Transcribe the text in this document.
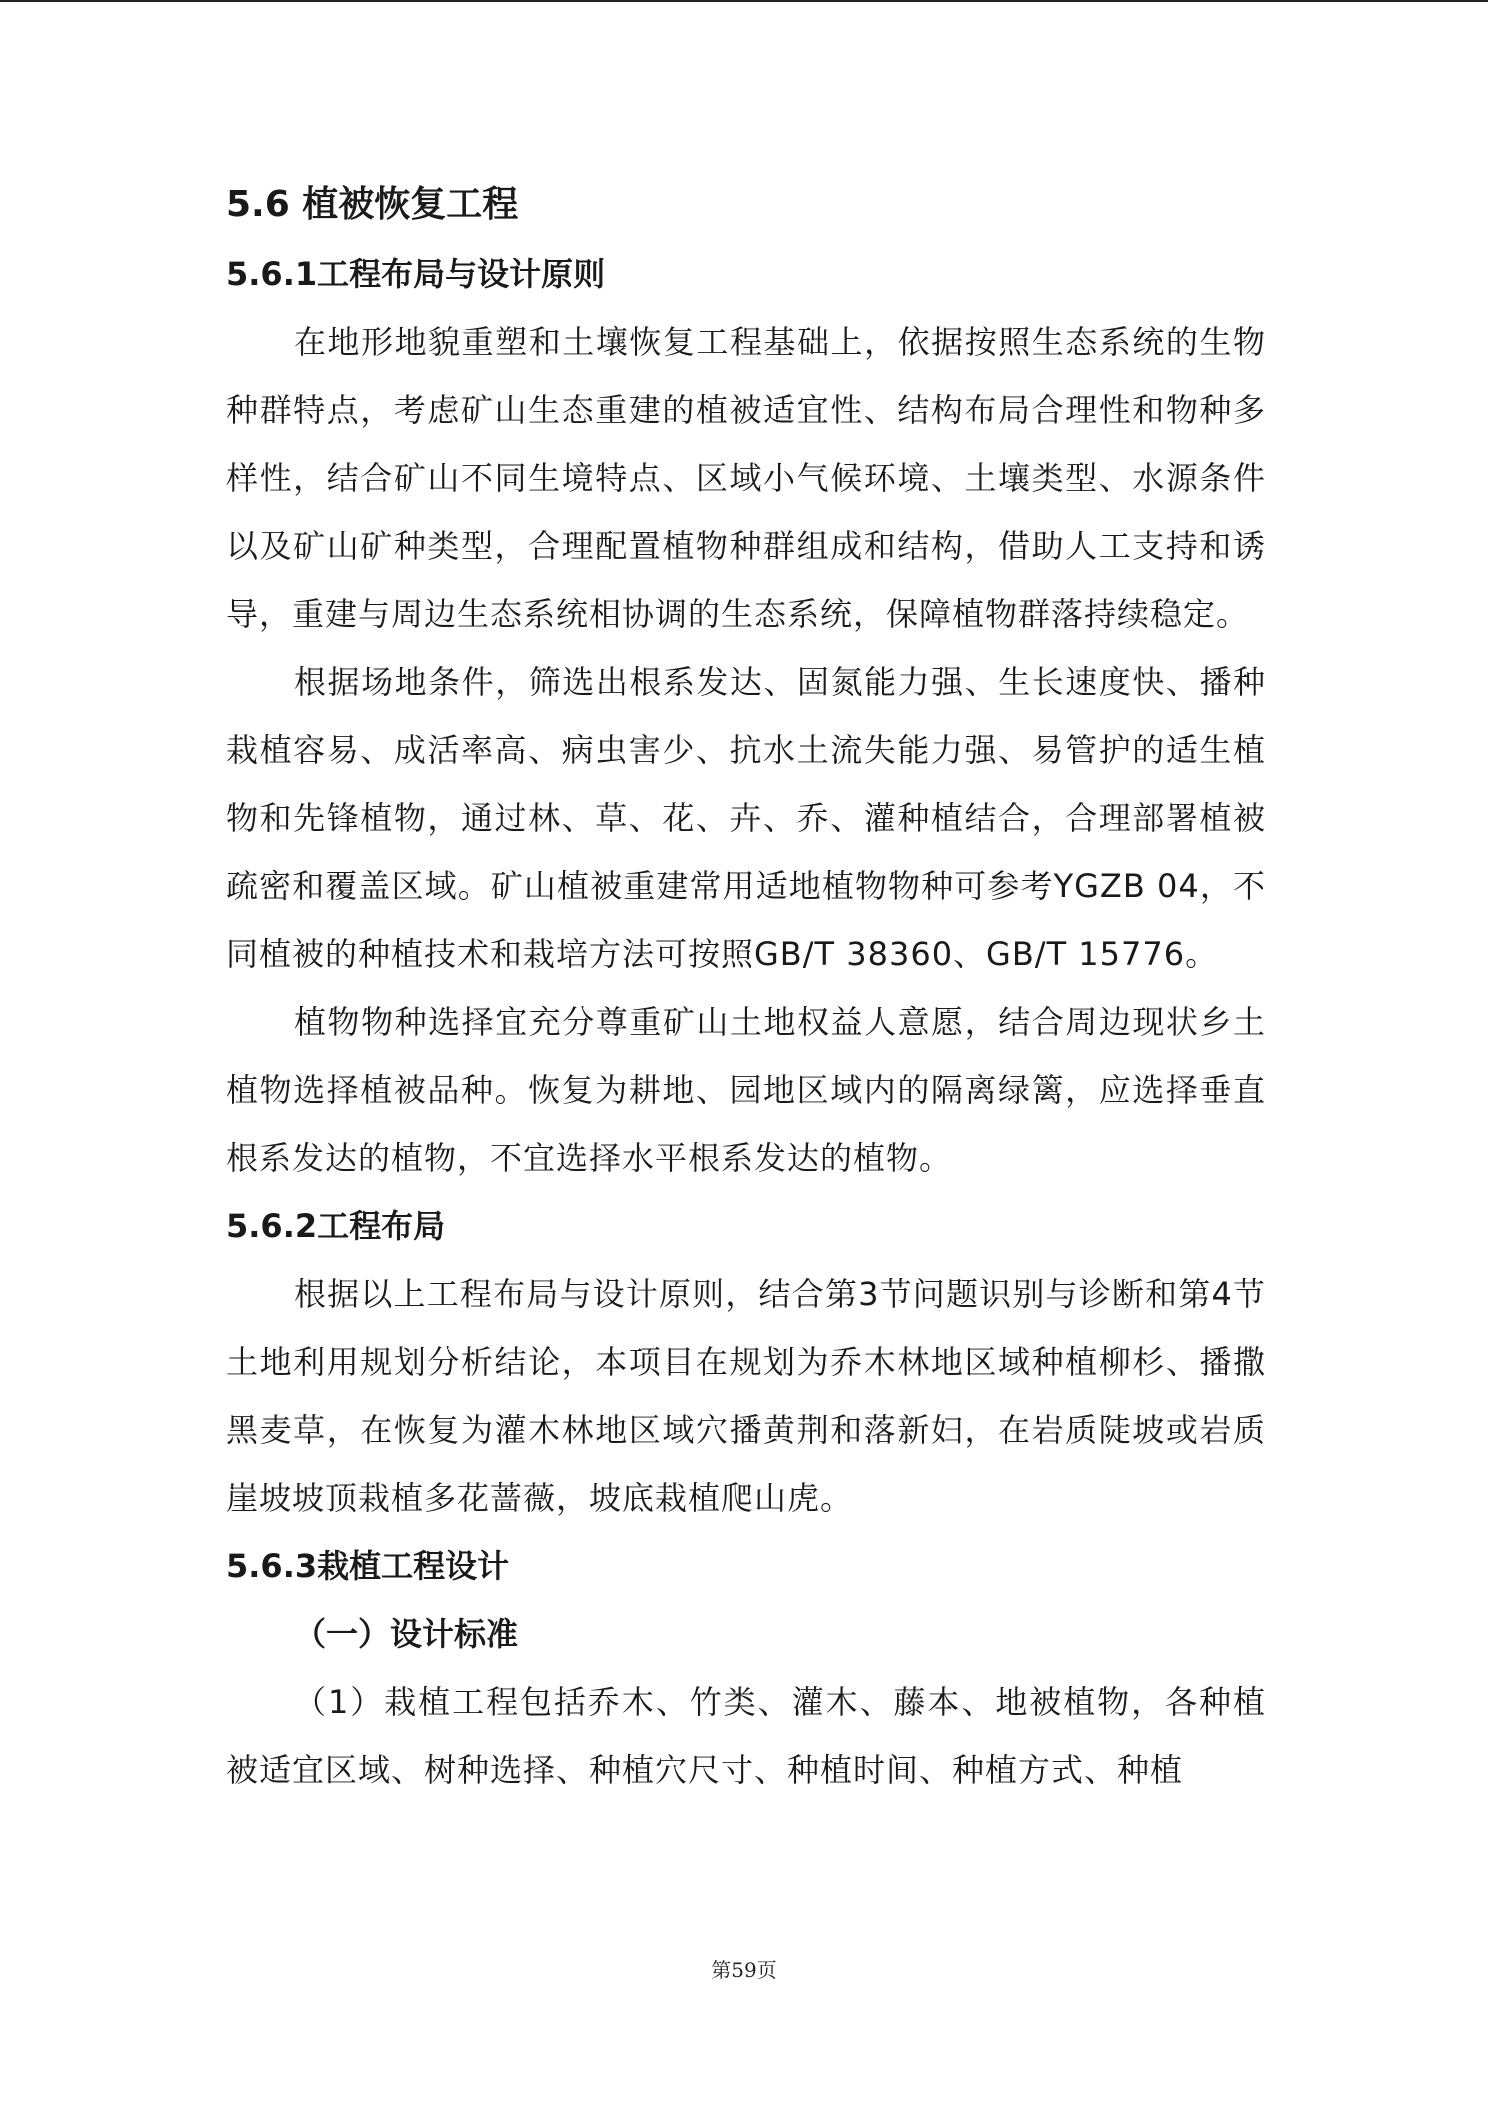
5.6 植被恢复工程
5.6.1工程布局与设计原则

在地形地貌重塑和土壤恢复工程基础上，依据按照生态系统的生物种群特点，考虑矿山生态重建的植被适宜性、结构布局合理性和物种多样性，结合矿山不同生境特点、区域小气候环境、土壤类型、水源条件以及矿山矿种类型，合理配置植物种群组成和结构，借助人工支持和诱导，重建与周边生态系统相协调的生态系统，保障植物群落持续稳定。

根据场地条件，筛选出根系发达、固氮能力强、生长速度快、播种栽植容易、成活率高、病虫害少、抗水土流失能力强、易管护的适生植物和先锋植物，通过林、草、花、卉、乔、灌种植结合，合理部署植被疏密和覆盖区域。矿山植被重建常用适地植物物种可参考YGZB 04，不同植被的种植技术和栽培方法可按照GB/T 38360、GB/T 15776。

植物物种选择宜充分尊重矿山土地权益人意愿，结合周边现状乡土植物选择植被品种。恢复为耕地、园地区域内的隔离绿篱，应选择垂直根系发达的植物，不宜选择水平根系发达的植物。

5.6.2工程布局

根据以上工程布局与设计原则，结合第3节问题识别与诊断和第4节土地利用规划分析结论，本项目在规划为乔木林地区域种植柳杉、播撒黑麦草，在恢复为灌木林地区域穴播黄荆和落新妇，在岩质陡坡或岩质崖坡坡顶栽植多花蔷薇，坡底栽植爬山虎。

5.6.3栽植工程设计
（一）设计标准

（1）栽植工程包括乔木、竹类、灌木、藤本、地被植物，各种植被适宜区域、树种选择、种植穴尺寸、种植时间、种植方式、种植

第59页
